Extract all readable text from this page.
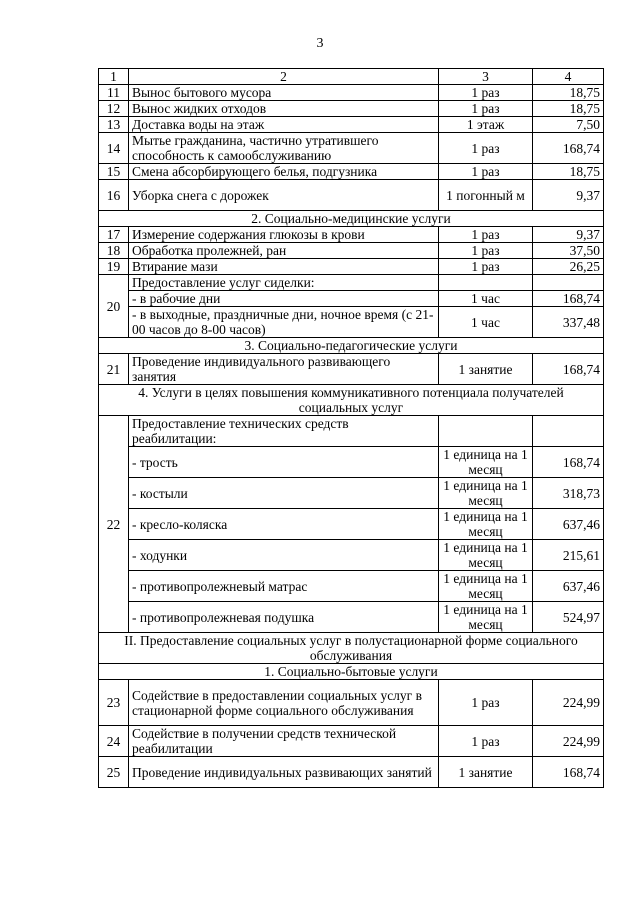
3
1	2	3	4
11	Вынос бытового мусора	1 раз	18,75
12	Вынос жидких отходов	1 раз	18,75
13	Доставка воды на этаж	1 этаж	7,50
14	Мытье гражданина, частично утратившего способность к самообслуживанию	1 раз	168,74
15	Смена абсорбирующего белья, подгузника	1 раз	18,75
16	Уборка снега с дорожек	1 погонный м	9,37
2. Социально-медицинские услуги			
17	Измерение содержания глюкозы в крови	1 раз	9,37
18	Обработка пролежней, ран	1 раз	37,50
19	Втирание мази	1 раз	26,25
20	Предоставление услуг сиделки:		
	- в рабочие дни	1 час	168,74
	- в выходные, праздничные дни, ночное время (с 21-00 часов до 8-00 часов)	1 час	337,48
3. Социально-педагогические услуги			
21	Проведение индивидуального развивающего занятия	1 занятие	168,74
4. Услуги в целях повышения коммуникативного потенциала получателей социальных услуг			
22	Предоставление технических средств реабилитации:		
	- трость	1 единица на 1 месяц	168,74
	- костыли	1 единица на 1 месяц	318,73
	- кресло-коляска	1 единица на 1 месяц	637,46
	- ходунки	1 единица на 1 месяц	215,61
	- противопролежневый матрас	1 единица на 1 месяц	637,46
	- противопролежневая подушка	1 единица на 1 месяц	524,97
II. Предоставление социальных услуг в полустационарной форме социального обслуживания			
1. Социально-бытовые услуги			
23	Содействие в предоставлении социальных услуг в стационарной форме социального обслуживания	1 раз	224,99
24	Содействие в получении средств технической реабилитации	1 раз	224,99
25	Проведение индивидуальных развивающих занятий	1 занятие	168,74
